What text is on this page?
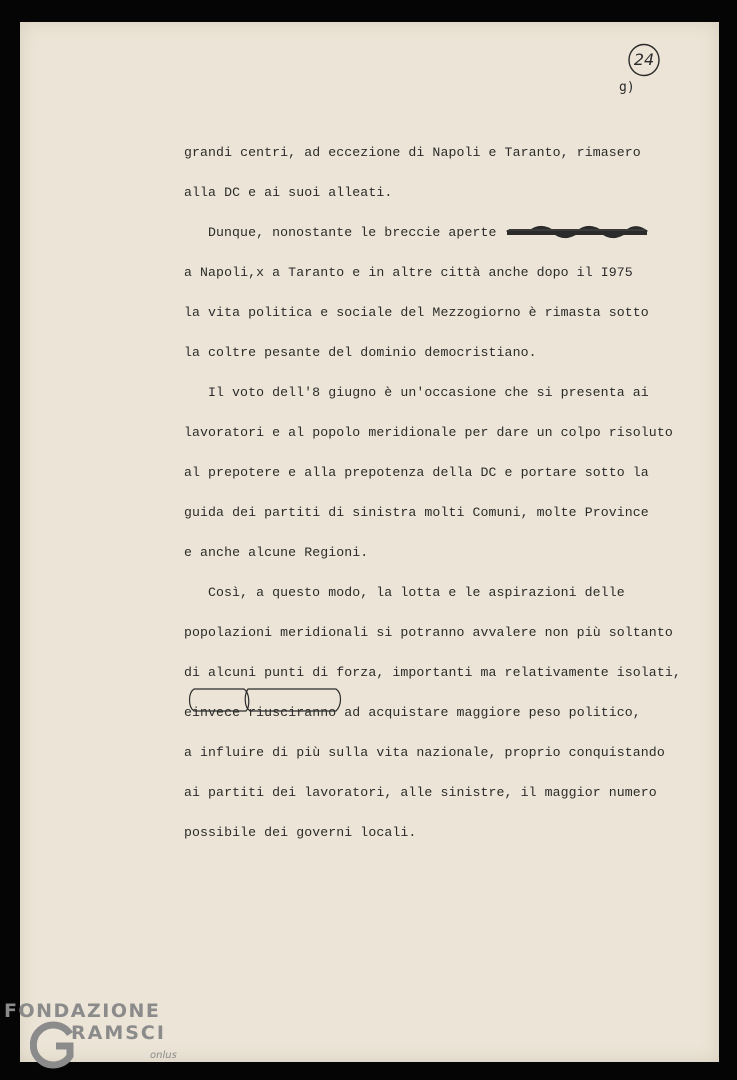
24
g)
grandi centri, ad eccezione di Napoli e Taranto, rimasero
alla DC e ai suoi alleati.
Dunque, nonostante le breccie aperte
a Napoli,x a Taranto e in altre città anche dopo il I975
la vita politica e sociale del Mezzogiorno è rimasta sotto
la coltre pesante del dominio democristiano.
Il voto dell'8 giugno è un'occasione che si presenta ai
lavoratori e al popolo meridionale per dare un colpo risoluto
al prepotere e alla prepotenza della DC e portare sotto la
guida dei partiti di sinistra molti Comuni, molte Province
e anche alcune Regioni.
Così, a questo modo, la lotta e le aspirazioni delle
popolazioni meridionali si potranno avvalere non più soltanto
di alcuni punti di forza, importanti ma relativamente isolati,
e
invece riusciranno ad acquistare maggiore peso politico,
a influire di più sulla vita nazionale, proprio conquistando
ai partiti dei lavoratori, alle sinistre, il maggior numero
possibile dei governi locali.
FONDAZIONE
RAMSCI
onlus
